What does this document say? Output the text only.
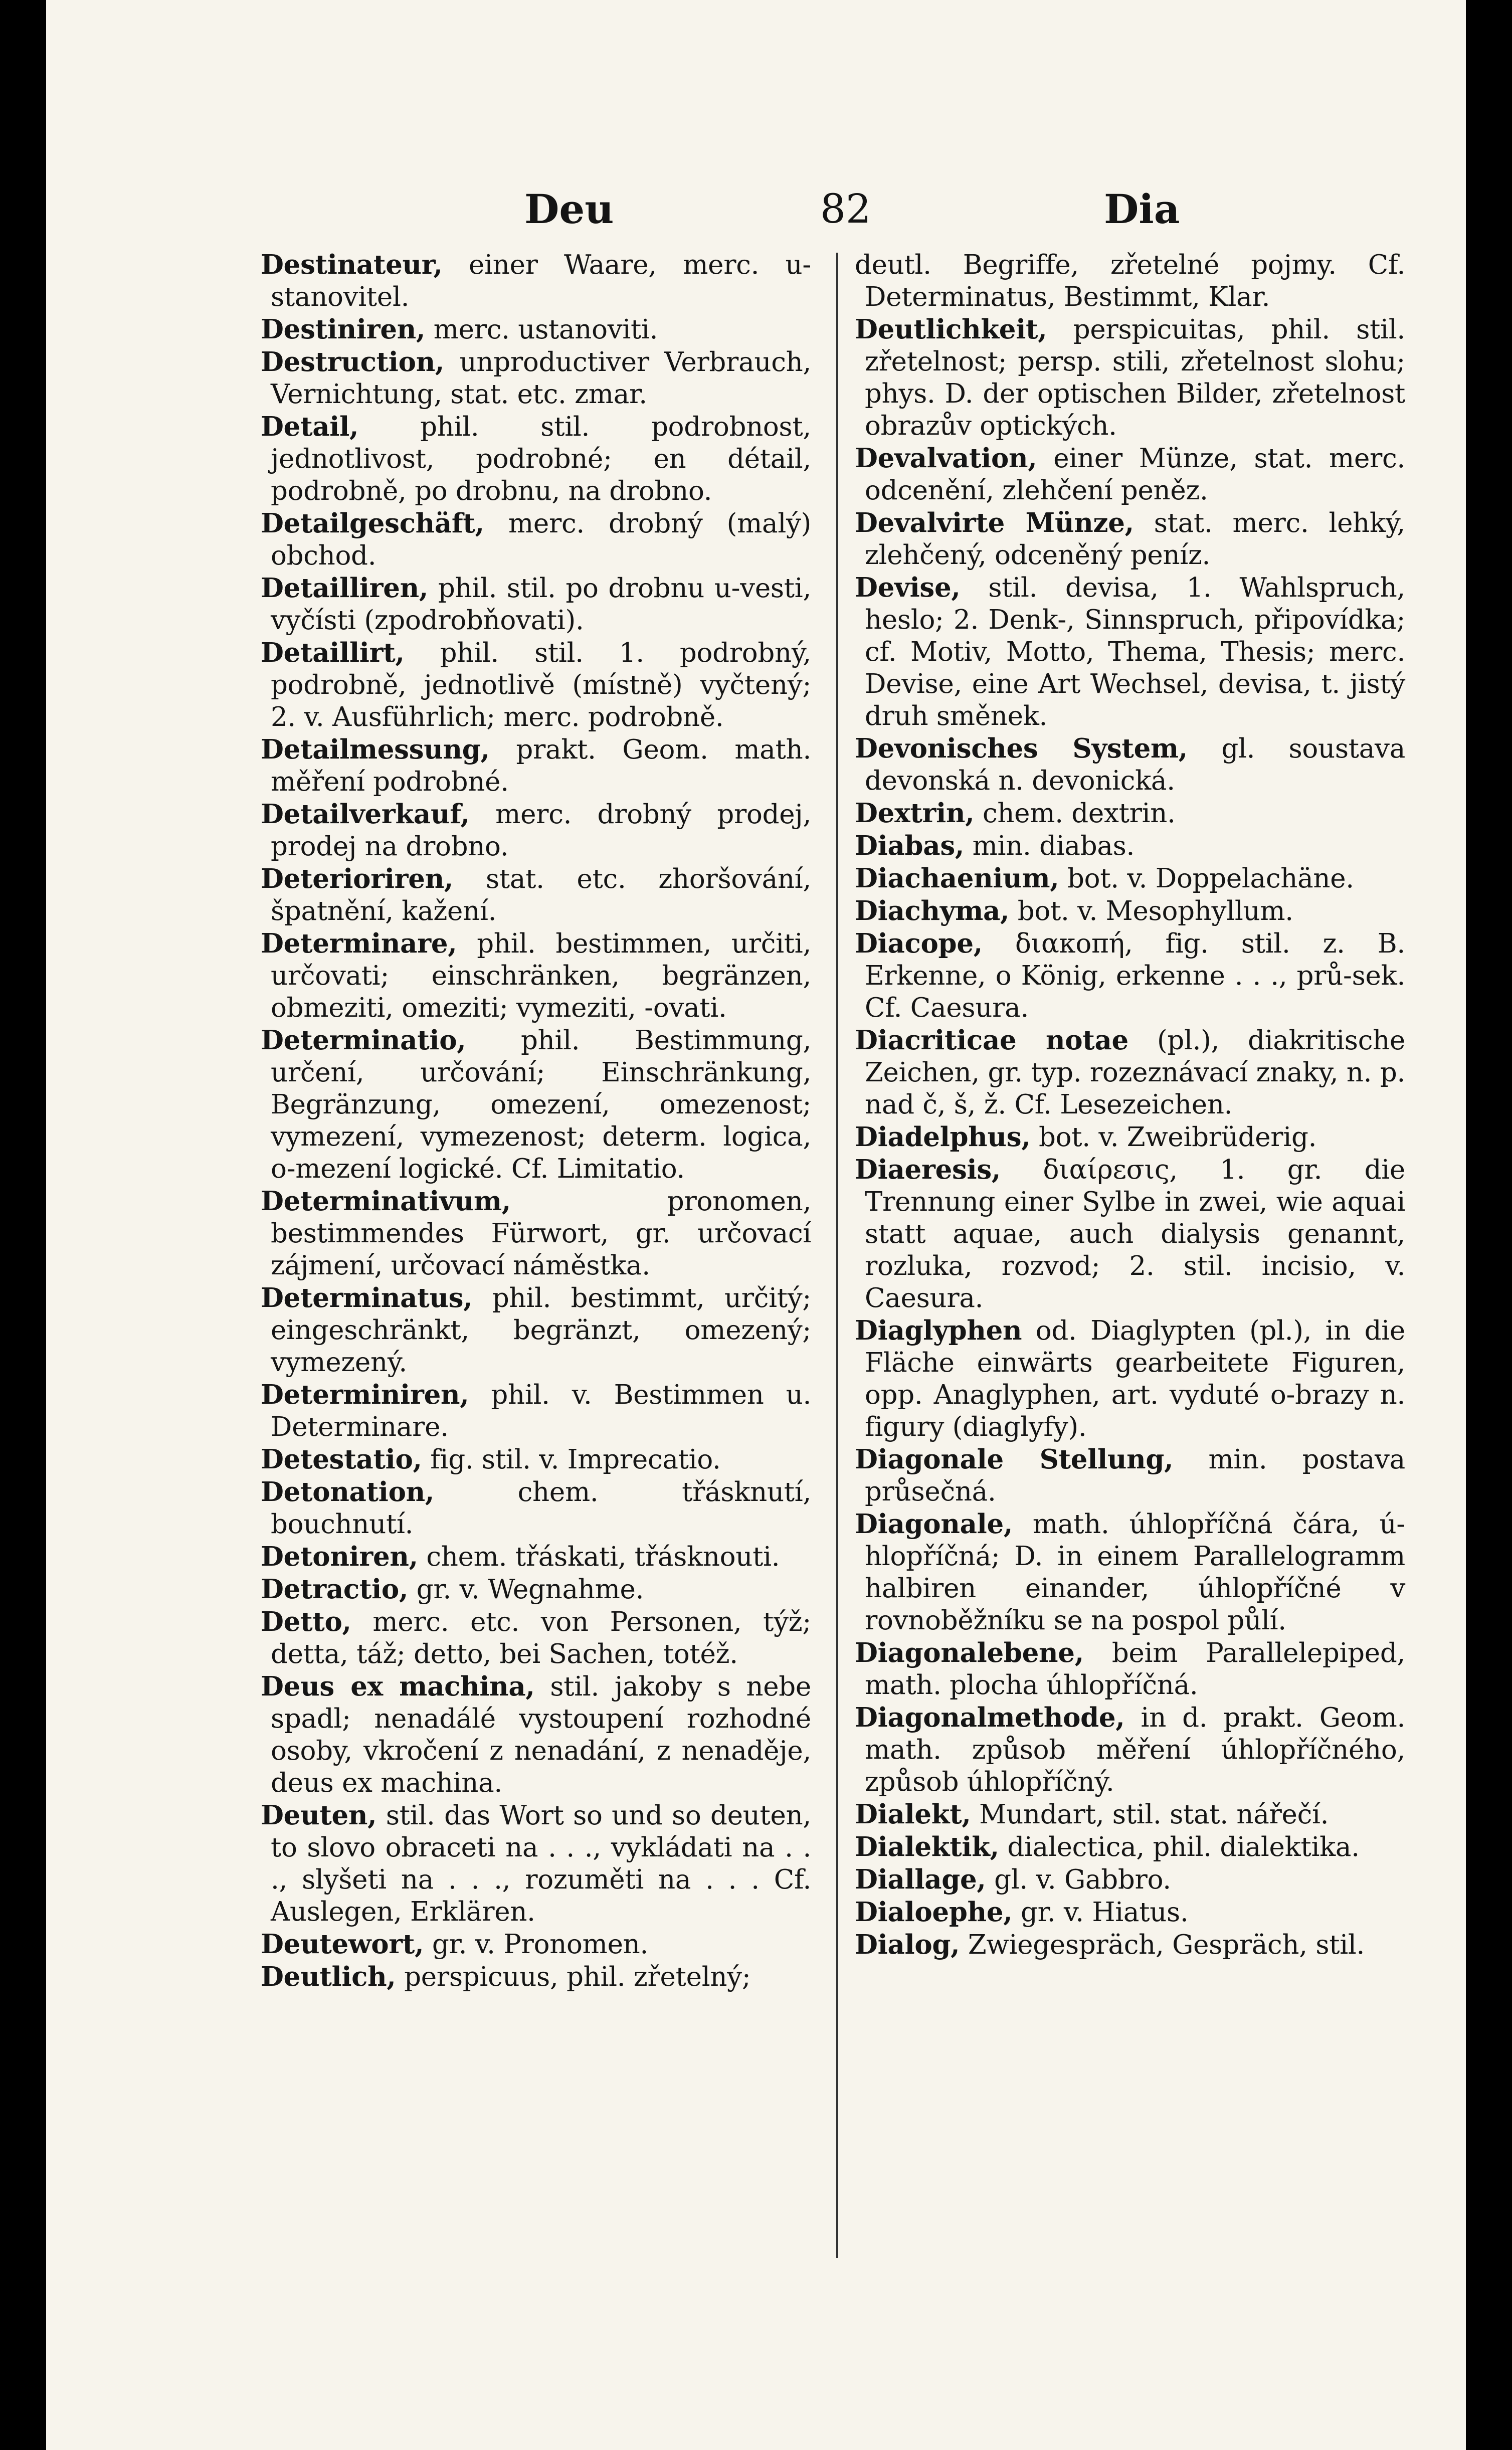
Deu	82	Dia

Destinateur, einer Waare, merc. u-stanovitel.

Destiniren, merc. ustanoviti.

Destruction, unproductiver Verbrauch, Vernichtung, stat. etc. zmar.

Detail, phil. stil. podrobnost, jednotlivost, podrobné; en détail, podrobně, po drobnu, na drobno.

Detailgeschäft, merc. drobný (malý) obchod.

Detailliren, phil. stil. po drobnu u-vesti, vyčísti (zpodrobňovati).

Detaillirt, phil. stil. 1. podrobný, podrobně, jednotlivě (místně) vyčtený; 2. v. Ausführlich; merc. podrobně.

Detailmessung, prakt. Geom. math. měření podrobné.

Detailverkauf, merc. drobný prodej, prodej na drobno.

Deterioriren, stat. etc. zhoršování, špatnění, kažení.

Determinare, phil. bestimmen, určiti, určovati; einschränken, begränzen, obmeziti, omeziti; vymeziti, -ovati.

Determinatio, phil. Bestimmung, určení, určování; Einschränkung, Begränzung, omezení, omezenost; vymezení, vymezenost; determ. logica, o-mezení logické. Cf. Limitatio.

Determinativum,	pronomen, bestimmendes Fürwort, gr. určovací zájmení, určovací náměstka.

Determinatus, phil. bestimmt, určitý; eingeschränkt, begränzt, omezený; vymezený.

Determiniren, phil. v. Bestimmen u. Determinare.

Detestatio, fig. stil. v. Imprecatio.

Detonation,	chem. třásknutí, bouchnutí.

Detoniren, chem. třáskati, třásknouti.

Detractio, gr. v. Wegnahme.

Detto, merc. etc. von Personen, týž; detta, táž; detto, bei Sachen, totéž.

Deus ex machina, stil. jakoby s nebe spadl; nenadálé vystoupení rozhodné osoby, vkročení z nenadání, z nenaděje, deus ex machina.

Deuten, stil. das Wort so und so deuten, to slovo obraceti na . . ., vykládati na . . ., slyšeti na . . ., rozuměti na . . . Cf. Auslegen, Erklären.

Deutewort, gr. v. Pronomen.

Deutlich, perspicuus, phil. zřetelný;

deutl. Begriffe, zřetelné pojmy. Cf. Determinatus, Bestimmt, Klar.

Deutlichkeit, perspicuitas, phil. stil. zřetelnost; persp. stili, zřetelnost slohu; phys. D. der optischen Bilder, zřetelnost obrazův optických.

Devalvation, einer Münze, stat. merc. odcenění, zlehčení peněz.

Devalvirte Münze, stat. merc. lehký, zlehčený, odceněný peníz.

Devise, stil. devisa, 1. Wahlspruch, heslo; 2. Denk-, Sinnspruch, připovídka; cf. Motiv, Motto, Thema, Thesis; merc. Devise, eine Art Wechsel, devisa, t. jistý druh směnek.

Devonisches System, gl. soustava devonská n. devonická.

Dextrin, chem. dextrin.

Diabas, min. diabas.

Diachaenium, bot. v. Doppelachäne.

Diachyma, bot. v. Mesophyllum.

Diacope, διακοπή, fig. stil. z. B. Erkenne, o König, erkenne . . ., prů-sek. Cf. Caesura.

Diacriticae notae (pl.), diakritische Zeichen, gr. typ. rozeznávací znaky, n. p. nad č, š, ž. Cf. Lesezeichen.

Diadelphus, bot. v. Zweibrüderig.

Diaeresis, διαίρεσις, 1. gr. die Trennung einer Sylbe in zwei, wie aquai statt aquae, auch dialysis genannt, rozluka, rozvod; 2. stil. incisio, v. Caesura.

Diaglyphen od. Diaglypten (pl.), in die Fläche einwärts gearbeitete Figuren, opp. Anaglyphen, art. vyduté o-brazy n. figury (diaglyfy).

Diagonale Stellung, min. postava průsečná.

Diagonale, math. úhlopříčná čára, ú-hlopříčná; D. in einem Parallelogramm halbiren einander, úhlopříčné v rovnoběžníku se na pospol půlí.

Diagonalebene, beim Parallelepiped, math. plocha úhlopříčná.

Diagonalmethode, in d. prakt. Geom. math. způsob měření úhlopříčného, způsob úhlopříčný.

Dialekt, Mundart, stil. stat. nářečí.

Dialektik, dialectica, phil. dialektika.

Diallage, gl. v. Gabbro.

Dialoephe, gr. v. Hiatus.

Dialog, Zwiegespräch, Gespräch, stil.
